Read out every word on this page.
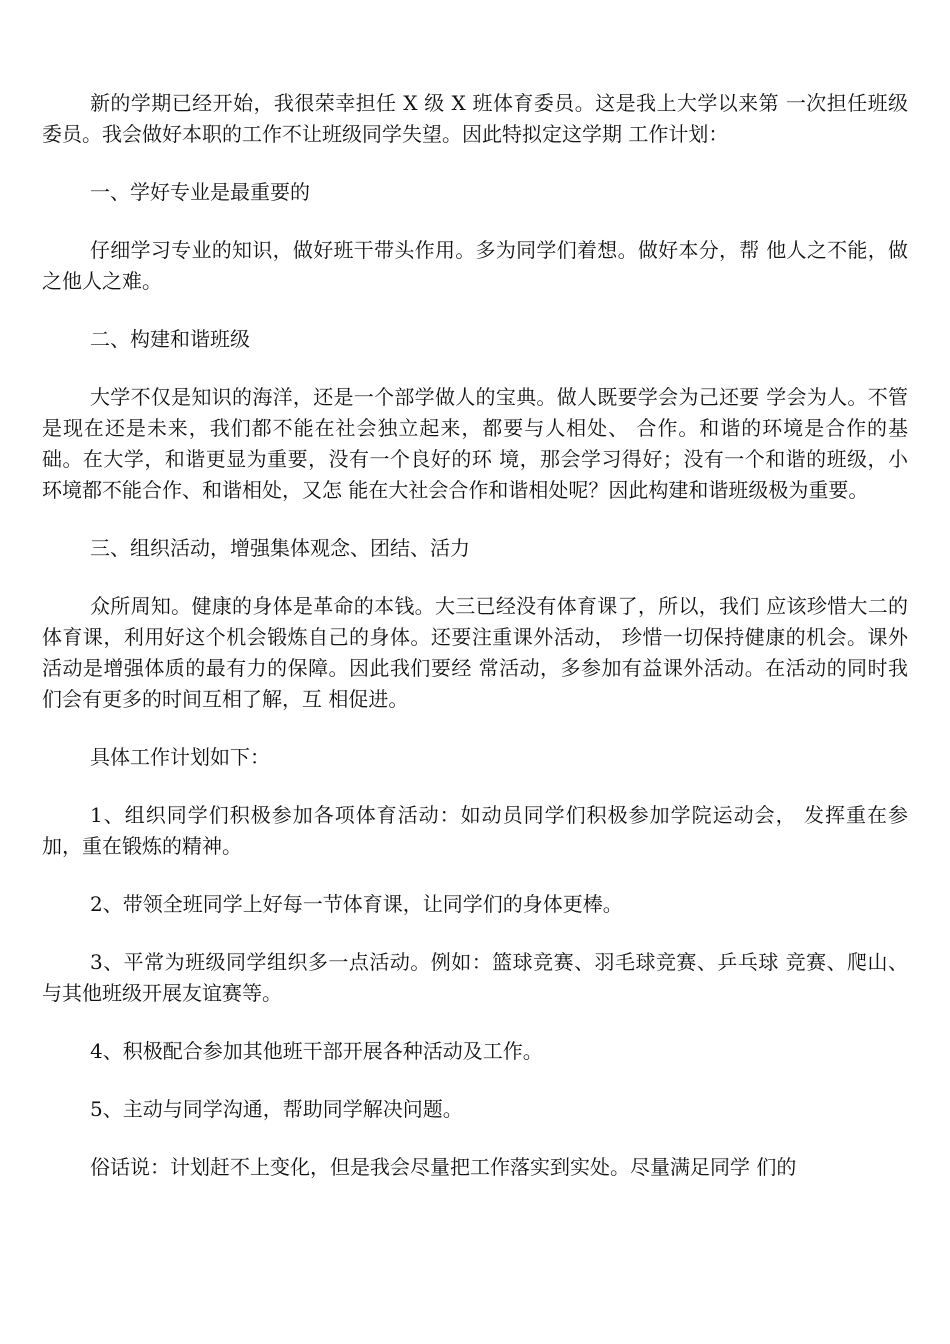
新的学期已经开始，我很荣幸担任 X 级 X 班体育委员。这是我上大学以来第 一次担任班级委员。我会做好本职的工作不让班级同学失望。因此特拟定这学期 工作计划：

一、学好专业是最重要的

仔细学习专业的知识，做好班干带头作用。多为同学们着想。做好本分，帮 他人之不能，做之他人之难。

二、构建和谐班级

大学不仅是知识的海洋，还是一个部学做人的宝典。做人既要学会为己还要 学会为人。不管是现在还是未来，我们都不能在社会独立起来，都要与人相处、 合作。和谐的环境是合作的基础。在大学，和谐更显为重要，没有一个良好的环 境，那会学习得好；没有一个和谐的班级，小环境都不能合作、和谐相处，又怎 能在大社会合作和谐相处呢？因此构建和谐班级极为重要。

三、组织活动，增强集体观念、团结、活力

众所周知。健康的身体是革命的本钱。大三已经没有体育课了，所以，我们 应该珍惜大二的体育课，利用好这个机会锻炼自己的身体。还要注重课外活动， 珍惜一切保持健康的机会。课外活动是增强体质的最有力的保障。因此我们要经 常活动，多参加有益课外活动。在活动的同时我们会有更多的时间互相了解，互 相促进。

具体工作计划如下：

1、组织同学们积极参加各项体育活动：如动员同学们积极参加学院运动会， 发挥重在参加，重在锻炼的精神。

2、带领全班同学上好每一节体育课，让同学们的身体更棒。

3、平常为班级同学组织多一点活动。例如：篮球竞赛、羽毛球竞赛、乒乓球 竞赛、爬山、与其他班级开展友谊赛等。

4、积极配合参加其他班干部开展各种活动及工作。

5、主动与同学沟通，帮助同学解决问题。

俗话说：计划赶不上变化，但是我会尽量把工作落实到实处。尽量满足同学 们的
